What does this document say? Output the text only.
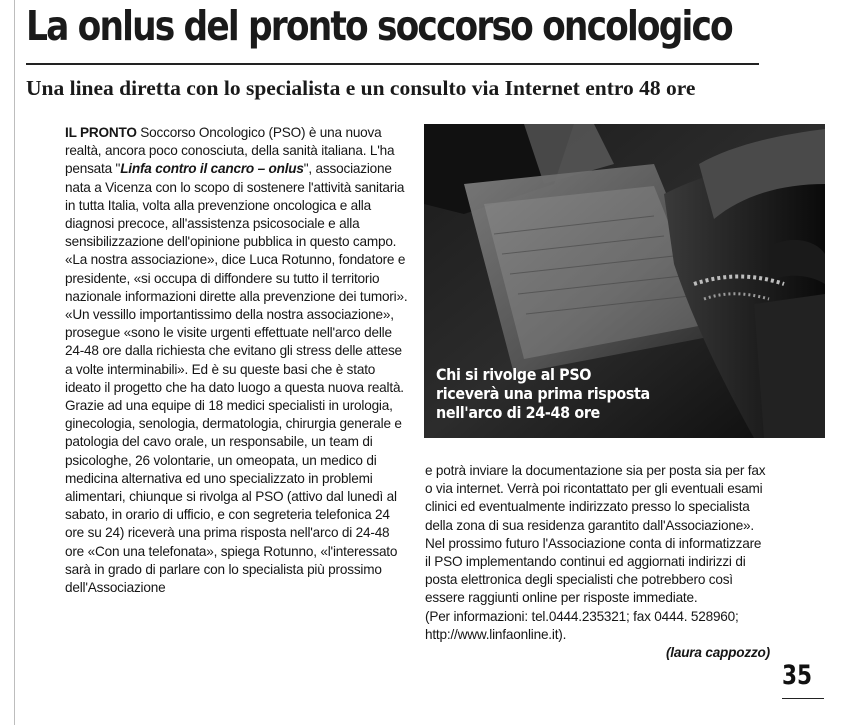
La onlus del pronto soccorso oncologico
Una linea diretta con lo specialista e un consulto via Internet entro 48 ore

IL PRONTO Soccorso Oncologico (PSO) è una nuova realtà, ancora poco conosciuta, della sanità italiana. L'ha pensata "Linfa contro il cancro – onlus", associazione nata a Vicenza con lo scopo di sostenere l'attività sanitaria in tutta Italia, volta alla prevenzione oncologica e alla diagnosi precoce, all'assistenza psicosociale e alla sensibilizzazione dell'opinione pubblica in questo campo. «La nostra associazione», dice Luca Rotunno, fondatore e presidente, «si occupa di diffondere su tutto il territorio nazionale informazioni dirette alla prevenzione dei tumori». «Un vessillo importantissimo della nostra associazione», prosegue «sono le visite urgenti effettuate nell'arco delle 24-48 ore dalla richiesta che evitano gli stress delle attese a volte interminabili». Ed è su queste basi che è stato ideato il progetto che ha dato luogo a questa nuova realtà. Grazie ad una equipe di 18 medici specialisti in urologia, ginecologia, senologia, dermatologia, chirurgia generale e patologia del cavo orale, un responsabile, un team di psicologhe, 26 volontarie, un omeopata, un medico di medicina alternativa ed uno specializzato in problemi alimentari, chiunque si rivolga al PSO (attivo dal lunedì al sabato, in orario di ufficio, e con segreteria telefonica 24 ore su 24) riceverà una prima risposta nell'arco di 24-48 ore «Con una telefonata», spiega Rotunno, «l'interessato sarà in grado di parlare con lo specialista più prossimo dell'Associazione

Chi si rivolge al PSO riceverà una prima risposta nell'arco di 24-48 ore

e potrà inviare la documentazione sia per posta sia per fax o via internet. Verrà poi ricontattato per gli eventuali esami clinici ed eventualmente indirizzato presso lo specialista della zona di sua residenza garantito dall'Associazione». Nel prossimo futuro l'Associazione conta di informatizzare il PSO implementando continui ed aggiornati indirizzi di posta elettronica degli specialisti che potrebbero così essere raggiunti online per risposte immediate.

(Per informazioni: tel.0444.235321; fax 0444. 528960; http://www.linfaonline.it).

(laura cappozzo)

35
